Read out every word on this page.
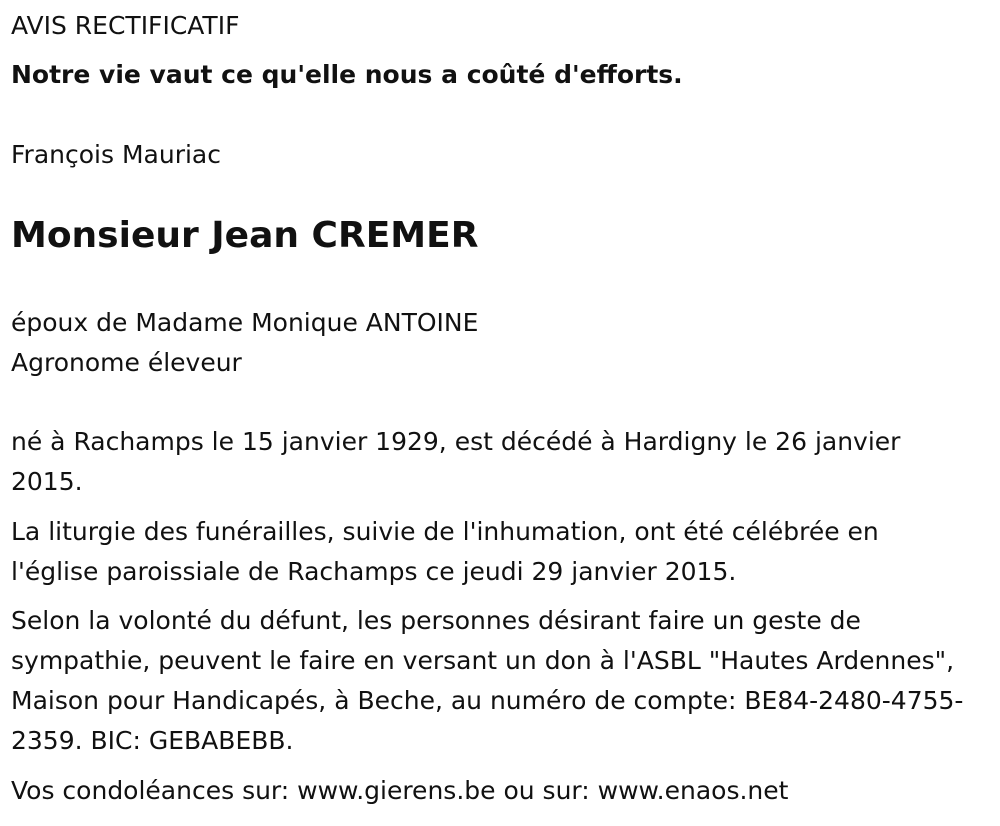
AVIS RECTIFICATIF

Notre vie vaut ce qu'elle nous a coûté d'efforts.

François Mauriac

Monsieur Jean CREMER

époux de Madame Monique ANTOINE

Agronome éleveur

né à Rachamps le 15 janvier 1929, est décédé à Hardigny le 26 janvier 2015.

La liturgie des funérailles, suivie de l'inhumation, ont été célébrée en l'église paroissiale de Rachamps ce jeudi 29 janvier 2015.

Selon la volonté du défunt, les personnes désirant faire un geste de sympathie, peuvent le faire en versant un don à l'ASBL "Hautes Ardennes", Maison pour Handicapés, à Beche, au numéro de compte: BE84-2480-4755-2359. BIC: GEBABEBB.

Vos condoléances sur: www.gierens.be ou sur: www.enaos.net
